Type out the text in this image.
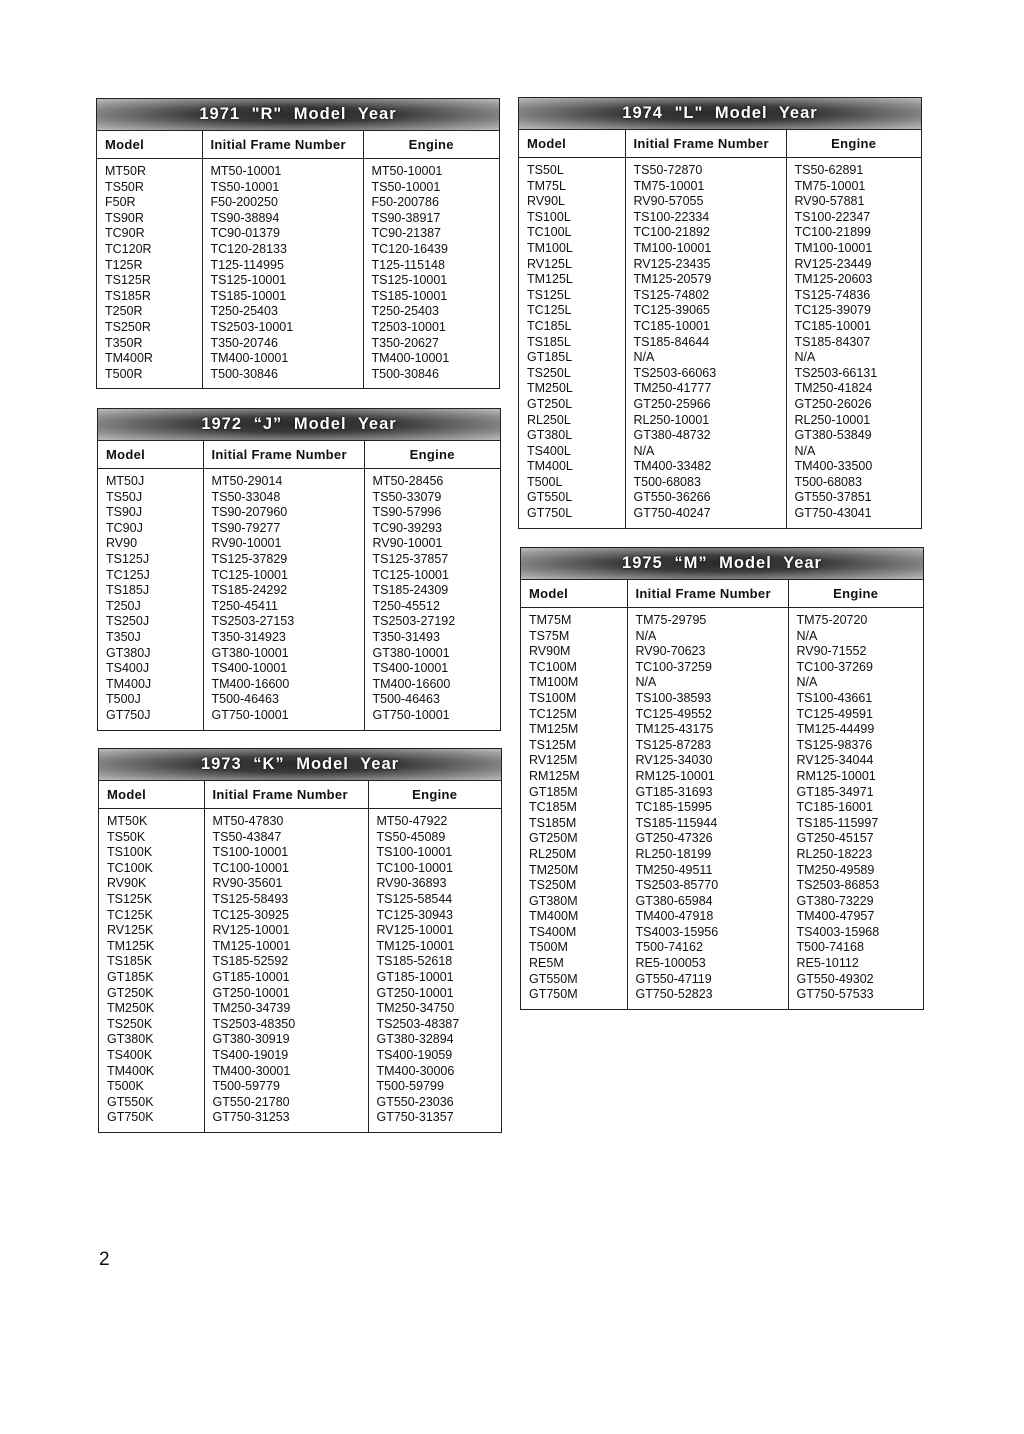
1971 "R" Model Year
Model	Initial Frame Number	Engine
MT50R	MT50-10001	MT50-10001
TS50R	TS50-10001	TS50-10001
F50R	F50-200250	F50-200786
TS90R	TS90-38894	TS90-38917
TC90R	TC90-01379	TC90-21387
TC120R	TC120-28133	TC120-16439
T125R	T125-114995	T125-115148
TS125R	TS125-10001	TS125-10001
TS185R	TS185-10001	TS185-10001
T250R	T250-25403	T250-25403
TS250R	TS2503-10001	T2503-10001
T350R	T350-20746	T350-20627
TM400R	TM400-10001	TM400-10001
T500R	T500-30846	T500-30846
1972 “J” Model Year
Model	Initial Frame Number	Engine
MT50J	MT50-29014	MT50-28456
TS50J	TS50-33048	TS50-33079
TS90J	TS90-207960	TS90-57996
TC90J	TS90-79277	TC90-39293
RV90	RV90-10001	RV90-10001
TS125J	TS125-37829	TS125-37857
TC125J	TC125-10001	TC125-10001
TS185J	TS185-24292	TS185-24309
T250J	T250-45411	T250-45512
TS250J	TS2503-27153	TS2503-27192
T350J	T350-314923	T350-31493
GT380J	GT380-10001	GT380-10001
TS400J	TS400-10001	TS400-10001
TM400J	TM400-16600	TM400-16600
T500J	T500-46463	T500-46463
GT750J	GT750-10001	GT750-10001
1973 “K” Model Year
Model	Initial Frame Number	Engine
MT50K	MT50-47830	MT50-47922
TS50K	TS50-43847	TS50-45089
TS100K	TS100-10001	TS100-10001
TC100K	TC100-10001	TC100-10001
RV90K	RV90-35601	RV90-36893
TS125K	TS125-58493	TS125-58544
TC125K	TC125-30925	TC125-30943
RV125K	RV125-10001	RV125-10001
TM125K	TM125-10001	TM125-10001
TS185K	TS185-52592	TS185-52618
GT185K	GT185-10001	GT185-10001
GT250K	GT250-10001	GT250-10001
TM250K	TM250-34739	TM250-34750
TS250K	TS2503-48350	TS2503-48387
GT380K	GT380-30919	GT380-32894
TS400K	TS400-19019	TS400-19059
TM400K	TM400-30001	TM400-30006
T500K	T500-59779	T500-59799
GT550K	GT550-21780	GT550-23036
GT750K	GT750-31253	GT750-31357
1974 "L" Model Year
Model	Initial Frame Number	Engine
TS50L	TS50-72870	TS50-62891
TM75L	TM75-10001	TM75-10001
RV90L	RV90-57055	RV90-57881
TS100L	TS100-22334	TS100-22347
TC100L	TC100-21892	TC100-21899
TM100L	TM100-10001	TM100-10001
RV125L	RV125-23435	RV125-23449
TM125L	TM125-20579	TM125-20603
TS125L	TS125-74802	TS125-74836
TC125L	TC125-39065	TC125-39079
TC185L	TC185-10001	TC185-10001
TS185L	TS185-84644	TS185-84307
GT185L	N/A	N/A
TS250L	TS2503-66063	TS2503-66131
TM250L	TM250-41777	TM250-41824
GT250L	GT250-25966	GT250-26026
RL250L	RL250-10001	RL250-10001
GT380L	GT380-48732	GT380-53849
TS400L	N/A	N/A
TM400L	TM400-33482	TM400-33500
T500L	T500-68083	T500-68083
GT550L	GT550-36266	GT550-37851
GT750L	GT750-40247	GT750-43041
1975 “M” Model Year
Model	Initial Frame Number	Engine
TM75M	TM75-29795	TM75-20720
TS75M	N/A	N/A
RV90M	RV90-70623	RV90-71552
TC100M	TC100-37259	TC100-37269
TM100M	N/A	N/A
TS100M	TS100-38593	TS100-43661
TC125M	TC125-49552	TC125-49591
TM125M	TM125-43175	TM125-44499
TS125M	TS125-87283	TS125-98376
RV125M	RV125-34030	RV125-34044
RM125M	RM125-10001	RM125-10001
GT185M	GT185-31693	GT185-34971
TC185M	TC185-15995	TC185-16001
TS185M	TS185-115944	TS185-115997
GT250M	GT250-47326	GT250-45157
RL250M	RL250-18199	RL250-18223
TM250M	TM250-49511	TM250-49589
TS250M	TS2503-85770	TS2503-86853
GT380M	GT380-65984	GT380-73229
TM400M	TM400-47918	TM400-47957
TS400M	TS4003-15956	TS4003-15968
T500M	T500-74162	T500-74168
RE5M	RE5-100053	RE5-10112
GT550M	GT550-47119	GT550-49302
GT750M	GT750-52823	GT750-57533
2
